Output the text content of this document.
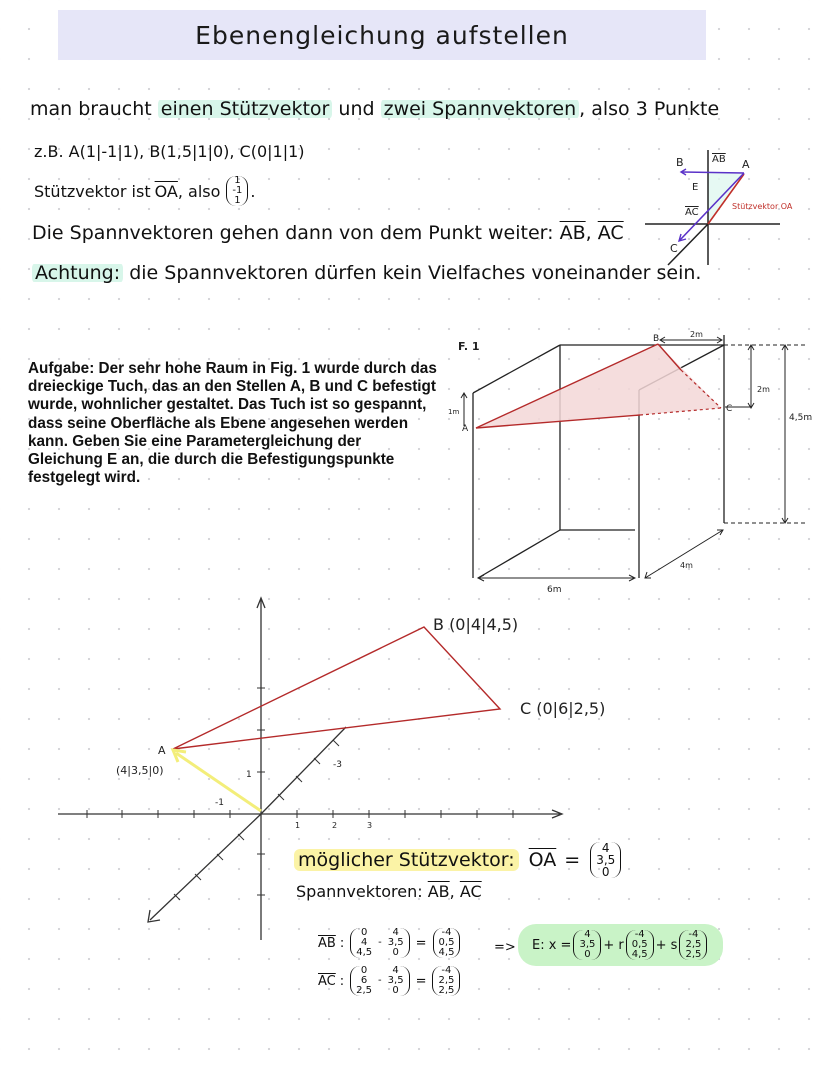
Ebenengleichung aufstellen
man braucht einen Stützvektor und zwei Spannvektoren , also 3 Punkte
z.B. A(1|-1|1), B(1,5|1|0), C(0|1|1)
Stützvektor ist $\overline{OA}$ , also
1
-1
1 .
Die Spannvektoren gehen dann von dem Punkt weiter: $\overline{AB}$, $\overline{AC}$
Achtung: die Spannvektoren dürfen kein Vielfaches voneinander sein.
B	AB A
E
AC
C
Stützvektor OA
Aufgabe: Der sehr hohe Raum in Fig. 1 wurde durch das dreieckige Tuch, das an den Stellen A, B und C befestigt wurde, wohnlicher gestaltet. Das Tuch ist so gespannt, dass seine Oberfläche als Ebene angesehen werden kann. Geben Sie eine Parametergleichung der Gleichung E an, die durch die Befestigungspunkte festgelegt wird.
F. 1
2m
2m
4,5m
1m
6m
4m
A
B
C
B (0|4|4,5)
C (0|6|2,5)
A
(4|3,5|0)	1
-1
1	2	3
-3
möglicher Stützvektor: $\overline{OA}$ =
4
3,5
0
Spannvektoren: $\overline{AB}$, $\overline{AC}$
$\overline{AB}$ :
0
4
4,5
-
4
3,5
0
=
-4
0,5
4,5
$\overline{AC}$ :
0
6
2,5
-
4
3,5
0
=
-4
2,5
2,5
=> E: x =
4
3,5
0
+ r
-4
0,5
4,5
+ s
-4
2,5
2,5
